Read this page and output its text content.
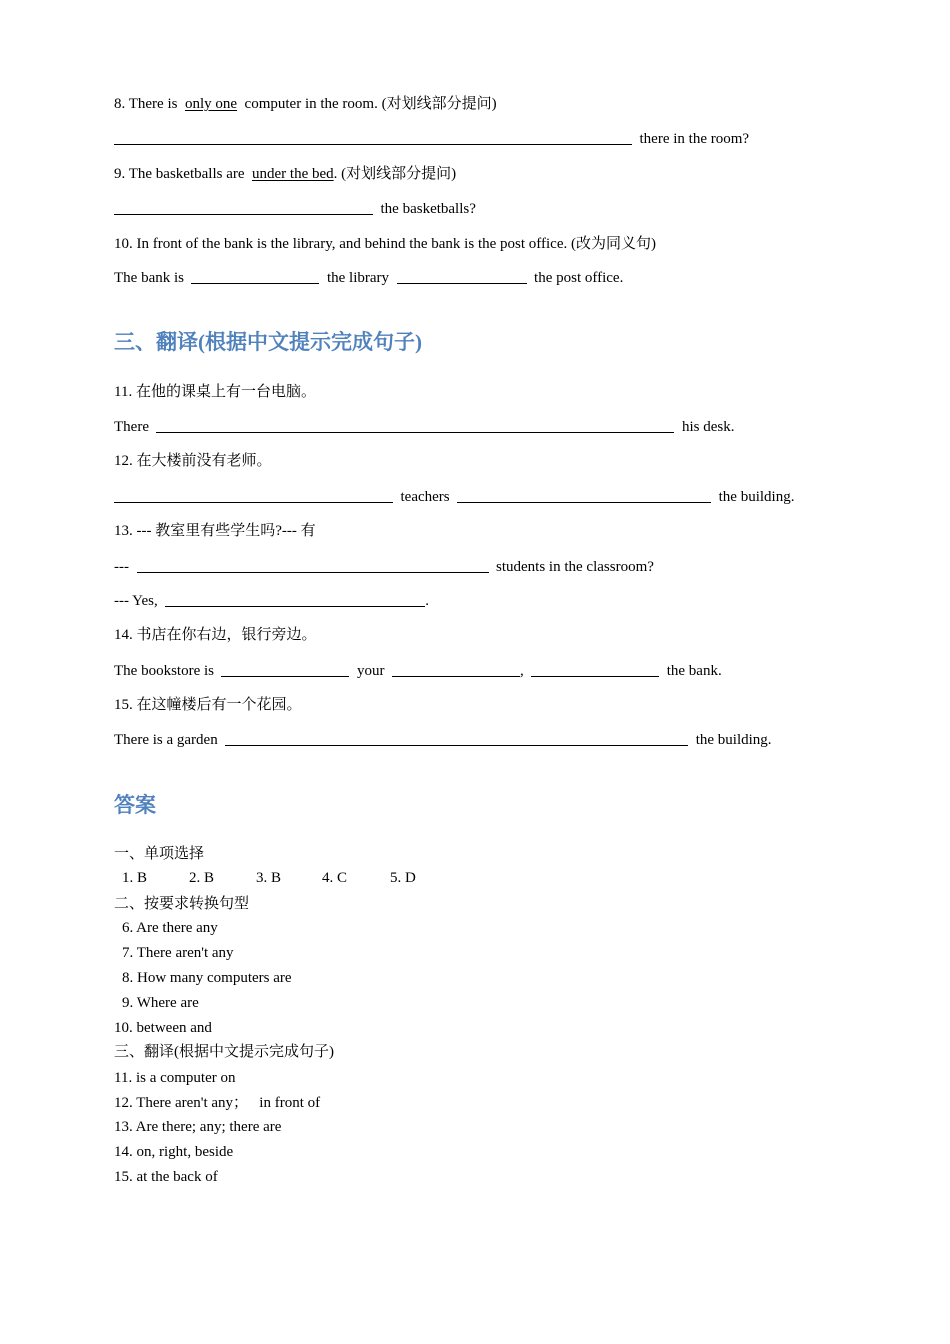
8. There is only one computer in the room. (对划线部分提问)
there in the room?
9. The basketballs are under the bed. (对划线部分提问)
the basketballs?
10. In front of the bank is the library, and behind the bank is the post office. (改为同义句)
The bank is	the library	the post office.
三、翻译(根据中文提示完成句子)
11. 在他的课桌上有一台电脑。
There	his desk.
12. 在大楼前没有老师。
teachers	the building.
13. --- 教室里有些学生吗?--- 有
---	students in the classroom?
--- Yes,	.
14. 书店在你右边，银行旁边。
The bookstore is	your	,	the bank.
15. 在这幢楼后有一个花园。
There is a garden	the building.
答案
一、单项选择
1. B	2. B	3. B	4. C	5. D
二、按要求转换句型
6. Are there any
7. There aren't any
8. How many computers are
9. Where are
10. between and
三、翻译(根据中文提示完成句子)
11. is a computer on
12. There aren't any；   in front of
13. Are there; any; there are
14. on, right, beside
15. at the back of
